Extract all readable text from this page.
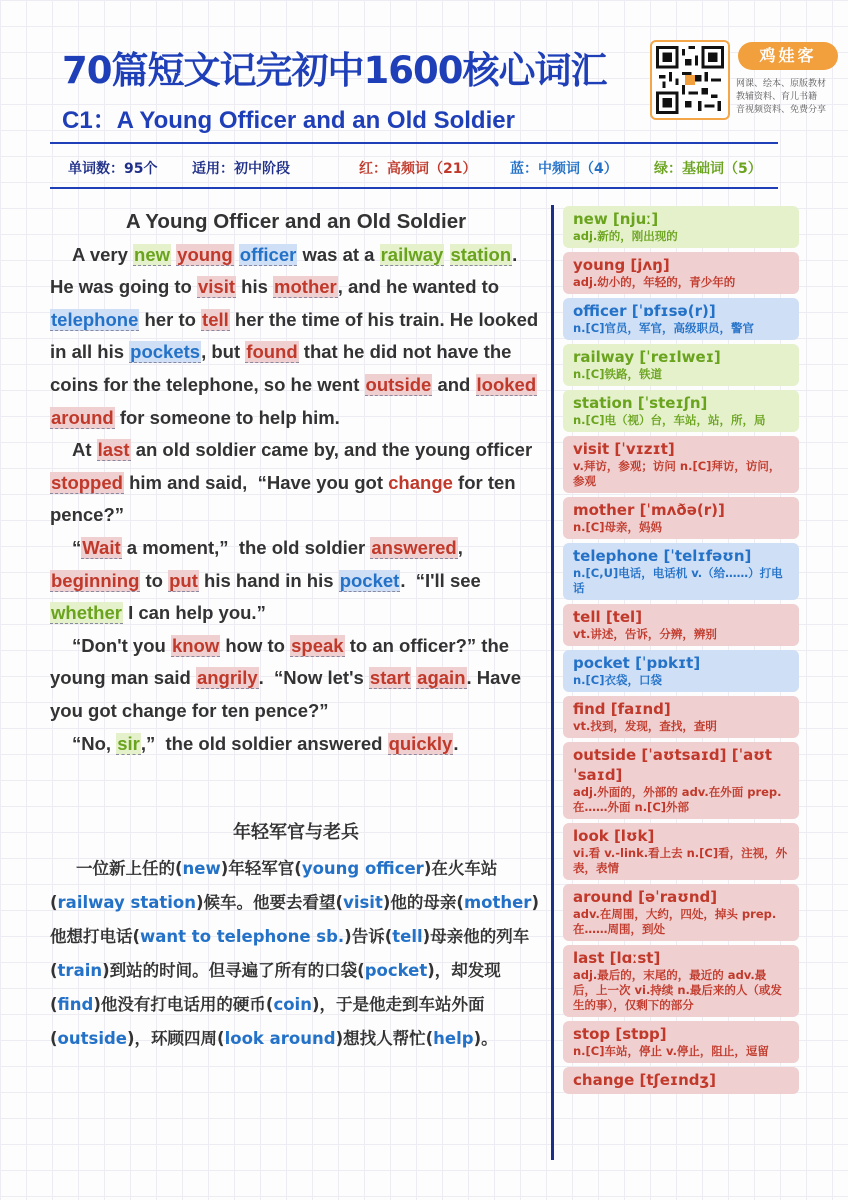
70篇短文记完初中1600核心词汇
C1：A Young Officer and an Old Soldier
鸡娃客
网课、绘本、原版教材
教辅资料、育儿书籍
音视频资料、免费分享
单词数：95个 适用：初中阶段	红：高频词（21） 蓝：中频词（4）	绿：基础词（5）
A Young Officer and an Old Soldier

A very new young officer was at a railway station. He was going to visit his mother, and he wanted to telephone her to tell her the time of his train. He looked in all his pockets, but found that he did not have the coins for the telephone, so he went outside and looked around for someone to help him.

At last an old soldier came by, and the young officer stopped him and said,  “Have you got change for ten pence?”

“Wait a moment,”  the old soldier answered, beginning to put his hand in his pocket.  “I'll see whether I can help you.”

“Don't you know how to speak to an officer?” the young man said angrily.  “Now let's start again. Have you got change for ten pence?”

“No, sir,”  the old soldier answered quickly.

年轻军官与老兵

一位新上任的(new)年轻军官(young officer)在火车站(railway station)候车。他要去看望(visit)他的母亲(mother)他想打电话(want to telephone sb.)告诉(tell)母亲他的列车(train)到站的时间。但寻遍了所有的口袋(pocket)，却发现(find)他没有打电话用的硬币(coin)，于是他走到车站外面(outside)，环顾四周(look around)想找人帮忙(help)。

new [njuː]
adj.新的，刚出现的
young [jʌŋ]
adj.幼小的，年轻的，青少年的
officer [ˈɒfɪsə(r)]
n.[C]官员，军官，高级职员，警官
railway [ˈreɪlweɪ]
n.[C]铁路，铁道
station [ˈsteɪʃn]
n.[C]电（视）台，车站，站，所，局
visit [ˈvɪzɪt]
v.拜访，参观；访问 n.[C]拜访，访问，参观
mother [ˈmʌðə(r)]
n.[C]母亲，妈妈
telephone [ˈtelɪfəʊn]
n.[C,U]电话，电话机 v.（给……）打电话
tell [tel]
vt.讲述，告诉，分辨，辨别
pocket [ˈpɒkɪt]
n.[C]衣袋，口袋
find [faɪnd]
vt.找到，发现，查找，查明
outside [ˈaʊtsaɪd] [ˈaʊtˈsaɪd]
adj.外面的，外部的 adv.在外面 prep.在……外面 n.[C]外部
look [lʊk]
vi.看 v.-link.看上去 n.[C]看，注视，外表，表情
around [əˈraʊnd]
adv.在周围，大约，四处，掉头 prep.在……周围，到处
last [lɑːst]
adj.最后的，末尾的，最近的 adv.最后，上一次 vi.持续 n.最后来的人（或发生的事），仅剩下的部分
stop [stɒp]
n.[C]车站，停止 v.停止，阻止，逗留
change [tʃeɪndʒ]
